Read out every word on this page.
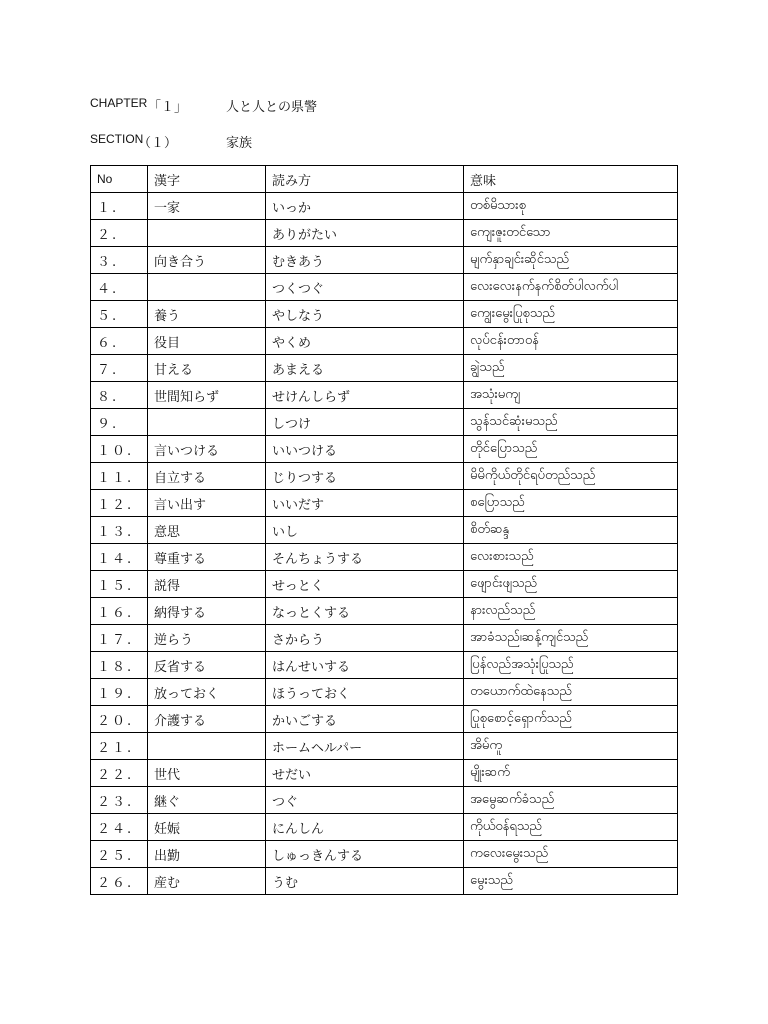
CHAPTER 「１」	人と人との県警
SECTION
（１）	家族
No	漢字	読み方	意味
１.	一家	いっか	တစ်မိသားစု
２.		ありがたい	ကျေးဇူးတင်သော
３.	向き合う	むきあう	မျက်နှာချင်းဆိုင်သည်
４.		つくつぐ	လေးလေးနက်နက်စိတ်ပါလက်ပါ
５.	養う	やしなう	ကျွေးမွေးပြုစုသည်
６.	役目	やくめ	လုပ်ငန်းတာဝန်
７.	甘える	あまえる	ချွဲသည်
８.	世間知らず	せけんしらず	အသုံးမကျ
９.		しつけ	သွန်သင်ဆုံးမသည်
１０.	言いつける	いいつける	တိုင်ပြောသည်
１１.	自立する	じりつする	မိမိကိုယ်တိုင်ရပ်တည်သည်
１２.	言い出す	いいだす	စပြောသည်
１３.	意思	いし	စိတ်ဆန္ဒ
１４.	尊重する	そんちょうする	လေးစားသည်
１５.	説得	せっとく	ဖျောင်းဖျသည်
１６.	納得する	なっとくする	နားလည်သည်
１７.	逆らう	さからう	အာခံသည်၊ဆန့်ကျင်သည်
１８.	反省する	はんせいする	ပြန်လည်အသုံးပြုသည်
１９.	放っておく	ほうっておく	တယောက်ထဲနေသည်
２０.	介護する	かいごする	ပြုစုစောင့်ရှောက်သည်
２１.		ホームヘルパー	အိမ်ကူ
２２.	世代	せだい	မျိုးဆက်
２３.	継ぐ	つぐ	အမွေဆက်ခံသည်
２４.	妊娠	にんしん	ကိုယ်ဝန်ရသည်
２５.	出勤	しゅっきんする	ကလေးမွေးသည်
２６.	産む	うむ	မွေးသည်
